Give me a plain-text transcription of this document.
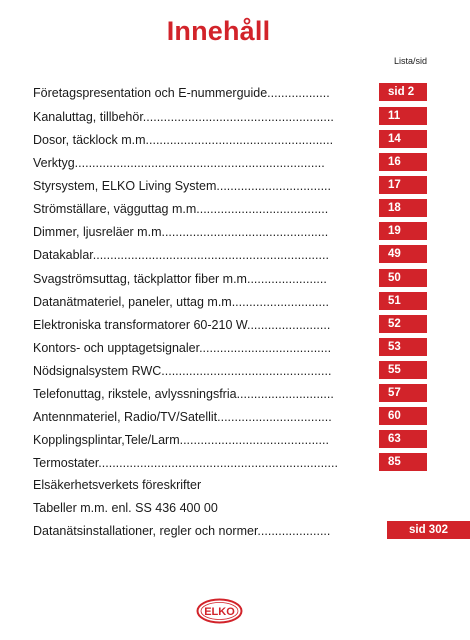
Innehåll
Lista/sid
Företagspresentation och E-nummerguide..................	sid 2
Kanaluttag, tillbehör.......................................................	11
Dosor, täcklock m.m......................................................	14
Verktyg........................................................................	16
Styrsystem, ELKO Living System.................................	17
Strömställare, vägguttag m.m......................................	18
Dimmer, ljusreläer m.m................................................	19
Datakablar....................................................................	49
Svagströmsuttag, täckplattor fiber m.m.......................	50
Datanätmateriel, paneler, uttag m.m............................	51
Elektroniska transformatorer 60-210 W........................	52
Kontors- och upptagetsignaler......................................	53
Nödsignalsystem RWC.................................................	55
Telefonuttag, rikstele, avlyssningsfria............................	57
Antennmateriel, Radio/TV/Satellit.................................	60
Kopplingsplintar,Tele/Larm...........................................	63
Termostater.....................................................................	85
Elsäkerhetsverkets föreskrifter
Tabeller m.m. enl. SS 436 400 00
Datanätsinstallationer, regler och normer.....................	sid 302
ELKO
